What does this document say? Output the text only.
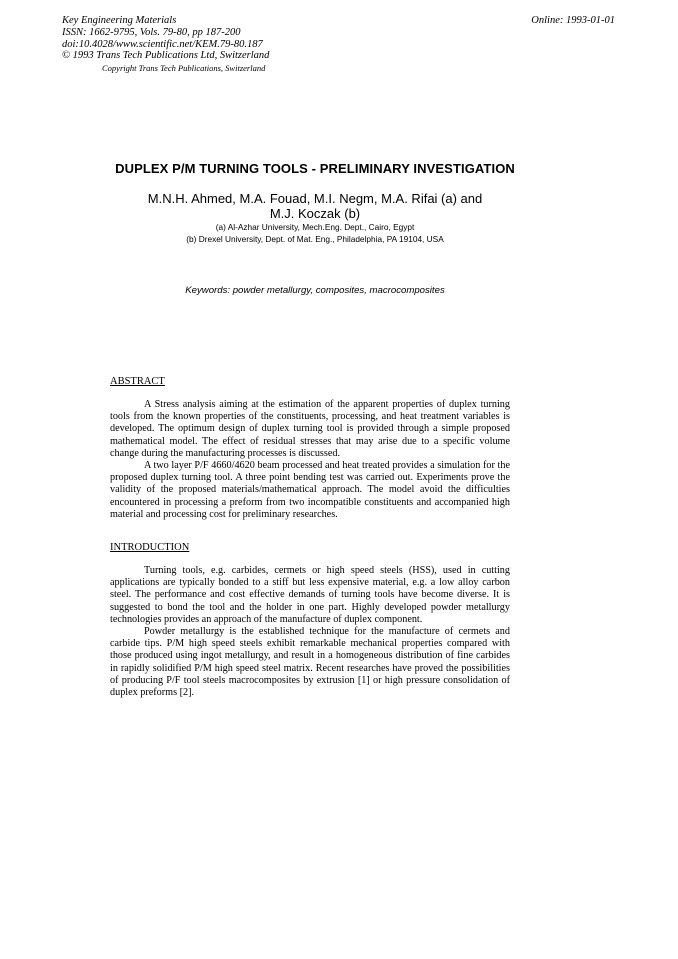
Key Engineering Materials
ISSN: 1662-9795, Vols. 79-80, pp 187-200
doi:10.4028/www.scientific.net/KEM.79-80.187
© 1993 Trans Tech Publications Ltd, Switzerland
Online: 1993-01-01
Copyright Trans Tech Publications, Switzerland
DUPLEX P/M TURNING TOOLS - PRELIMINARY INVESTIGATION
M.N.H. Ahmed, M.A. Fouad, M.I. Negm, M.A. Rifai (a) and
M.J. Koczak (b)
(a) Al-Azhar University, Mech.Eng. Dept., Cairo, Egypt
(b) Drexel University, Dept. of Mat. Eng., Philadelphia, PA 19104, USA
Keywords: powder metallurgy, composites, macrocomposites
ABSTRACT

A Stress analysis aiming at the estimation of the apparent properties of duplex turning tools from the known properties of the constituents, processing, and heat treatment variables is developed. The optimum design of duplex turning tool is provided through a simple proposed mathematical model. The effect of residual stresses that may arise due to a specific volume change during the manufacturing processes is discussed.

A two layer P/F 4660/4620 beam processed and heat treated provides a simulation for the proposed duplex turning tool. A three point bending test was carried out. Experiments prove the validity of the proposed materials/mathematical approach. The model avoid the difficulties encountered in processing a preform from two incompatible constituents and accompanied high material and processing cost for preliminary researches.

INTRODUCTION

Turning tools, e.g. carbides, cermets or high speed steels (HSS), used in cutting applications are typically bonded to a stiff but less expensive material, e.g. a low alloy carbon steel. The performance and cost effective demands of turning tools have become diverse. It is suggested to bond the tool and the holder in one part. Highly developed powder metallurgy technologies provides an approach of the manufacture of duplex component.

Powder metallurgy is the established technique for the manufacture of cermets and carbide tips. P/M high speed steels exhibit remarkable mechanical properties compared with those produced using ingot metallurgy, and result in a homogeneous distribution of fine carbides in rapidly solidified P/M high speed steel matrix. Recent researches have proved the possibilities of producing P/F tool steels macrocomposites by extrusion [1] or high pressure consolidation of duplex preforms [2].
